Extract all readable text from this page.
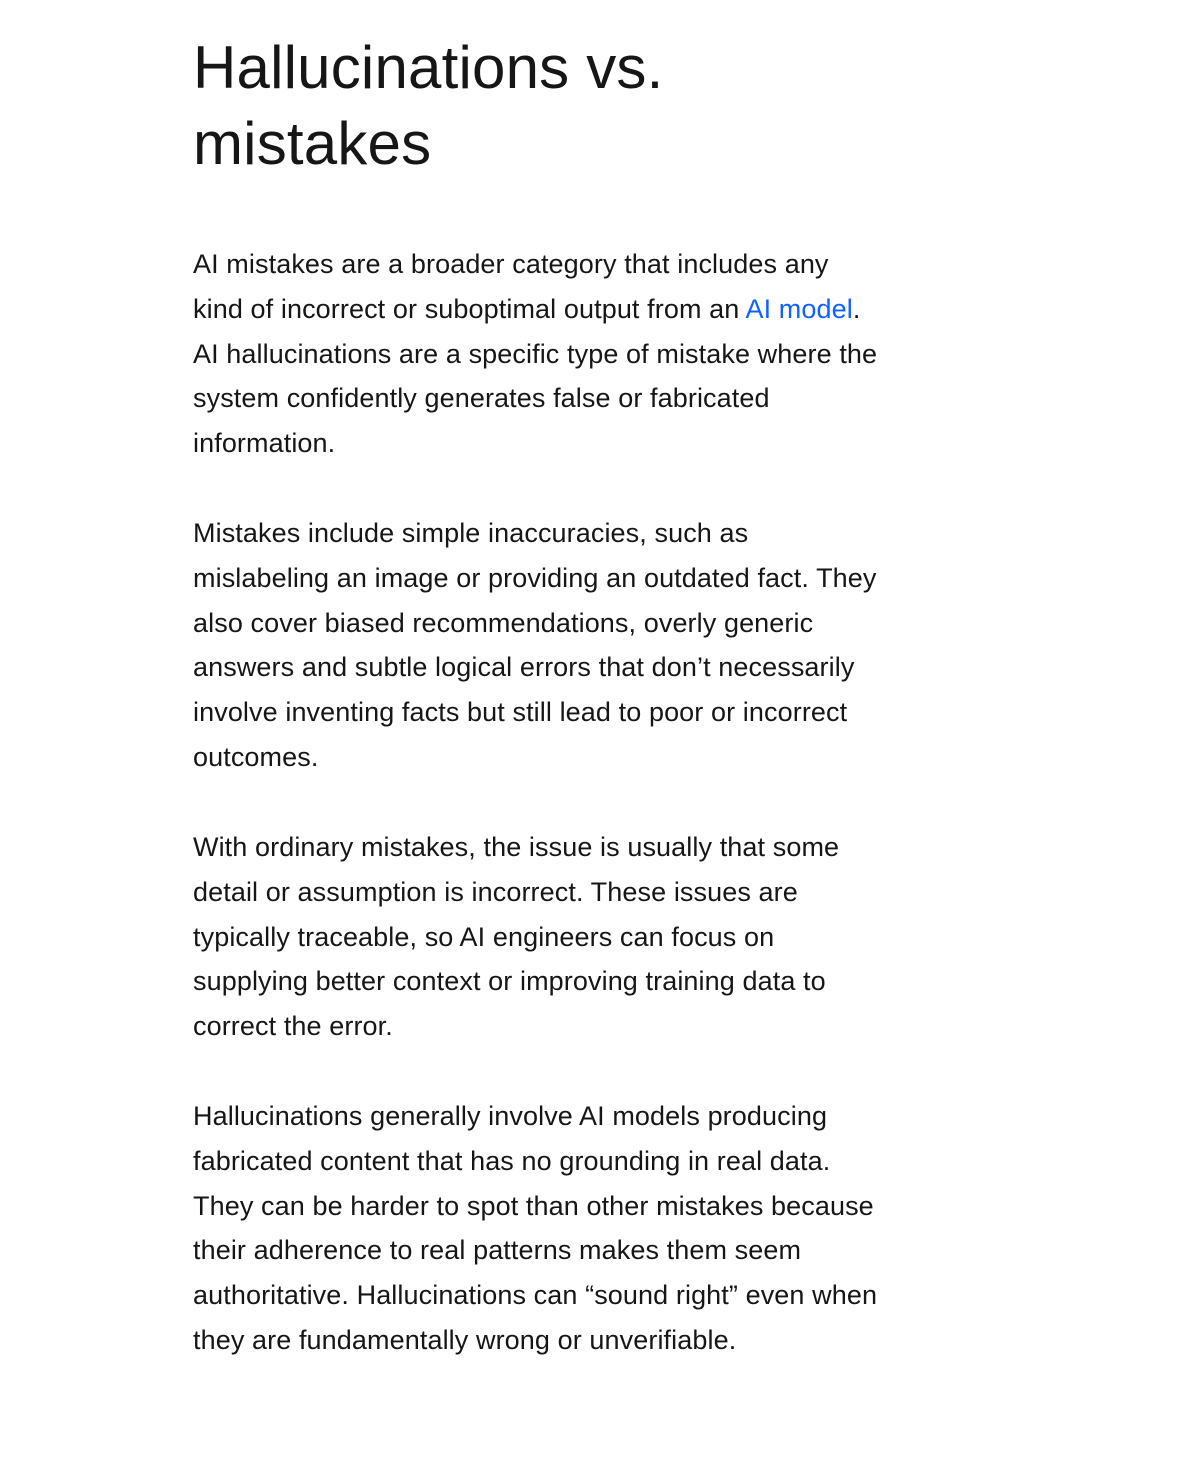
Hallucinations vs. mistakes

AI mistakes are a broader category that includes any kind of incorrect or suboptimal output from an AI model. AI hallucinations are a specific type of mistake where the system confidently generates false or fabricated information.

Mistakes include simple inaccuracies, such as mislabeling an image or providing an outdated fact. They also cover biased recommendations, overly generic answers and subtle logical errors that don’t necessarily involve inventing facts but still lead to poor or incorrect outcomes.

With ordinary mistakes, the issue is usually that some detail or assumption is incorrect. These issues are typically traceable, so AI engineers can focus on supplying better context or improving training data to correct the error.

Hallucinations generally involve AI models producing fabricated content that has no grounding in real data. They can be harder to spot than other mistakes because their adherence to real patterns makes them seem authoritative. Hallucinations can “sound right” even when they are fundamentally wrong or unverifiable.
